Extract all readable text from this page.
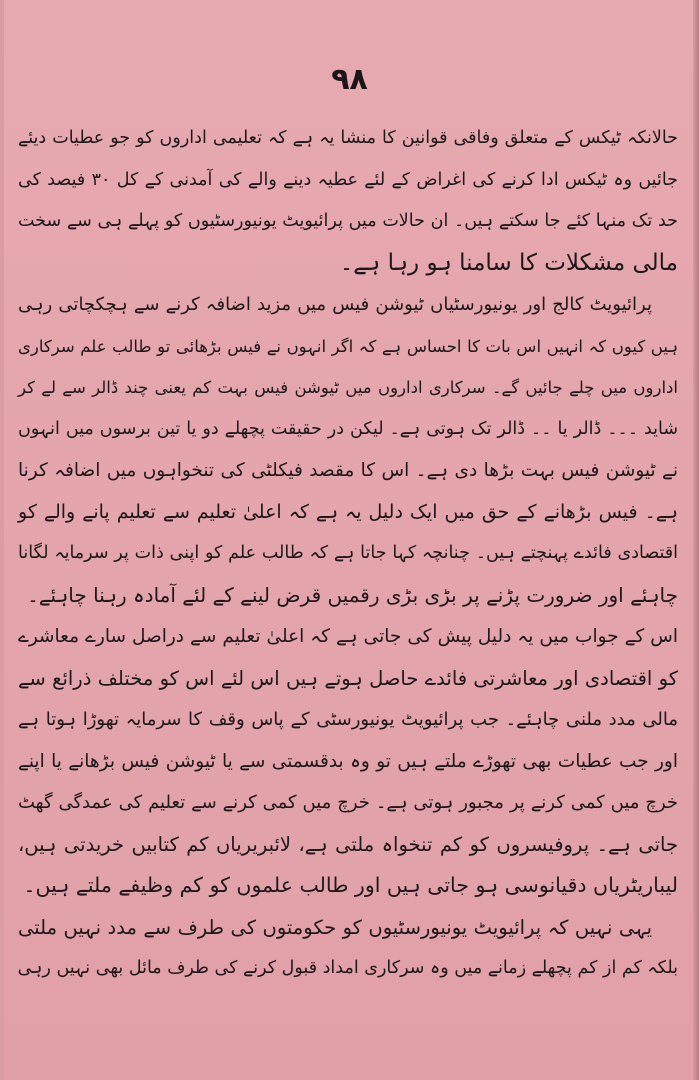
٩٨
حالانکہ ٹیکس کے متعلق وفاقی قوانین کا منشا یہ ہے کہ تعلیمی اداروں کو جو عطیات دیئے
جائیں وہ ٹیکس ادا کرنے کی اغراض کے لئے عطیہ دینے والے کی آمدنی کے کل ۳۰ فیصد کی
حد تک منہا کئے جا سکتے ہیں۔ ان حالات میں پرائیویٹ یونیورسٹیوں کو پہلے ہی سے سخت
مالی مشکلات کا سامنا ہو رہا ہے۔
پرائیویٹ کالج اور یونیورسٹیاں ٹیوشن فیس میں مزید اضافہ کرنے سے ہچکچاتی رہی
ہیں کیوں کہ انہیں اس بات کا احساس ہے کہ اگر انہوں نے فیس بڑھائی تو طالب علم سرکاری
اداروں میں چلے جائیں گے۔ سرکاری اداروں میں ٹیوشن فیس بہت کم یعنی چند ڈالر سے لے کر
شاید ۔۔۔ ڈالر یا ۔۔ ڈالر تک ہوتی ہے۔ لیکن در حقیقت پچھلے دو یا تین برسوں میں انہوں
نے ٹیوشن فیس بہت بڑھا دی ہے۔ اس کا مقصد فیکلٹی کی تنخواہوں میں اضافہ کرنا
ہے۔ فیس بڑھانے کے حق میں ایک دلیل یہ ہے کہ اعلیٰ تعلیم سے تعلیم پانے والے کو
اقتصادی فائدے پہنچتے ہیں۔ چنانچہ کہا جاتا ہے کہ طالب علم کو اپنی ذات پر سرمایہ لگانا
چاہئے اور ضرورت پڑنے پر بڑی بڑی رقمیں قرض لینے کے لئے آمادہ رہنا چاہئے۔
اس کے جواب میں یہ دلیل پیش کی جاتی ہے کہ اعلیٰ تعلیم سے دراصل سارے معاشرے
کو اقتصادی اور معاشرتی فائدے حاصل ہوتے ہیں اس لئے اس کو مختلف ذرائع سے
مالی مدد ملنی چاہئے۔ جب پرائیویٹ یونیورسٹی کے پاس وقف کا سرمایہ تھوڑا ہوتا ہے
اور جب عطیات بھی تھوڑے ملتے ہیں تو وہ بدقسمتی سے یا ٹیوشن فیس بڑھانے یا اپنے
خرچ میں کمی کرنے پر مجبور ہوتی ہے۔ خرچ میں کمی کرنے سے تعلیم کی عمدگی گھٹ
جاتی ہے۔ پروفیسروں کو کم تنخواہ ملتی ہے، لائبریریاں کم کتابیں خریدتی ہیں،
لیباریٹریاں دقیانوسی ہو جاتی ہیں اور طالب علموں کو کم وظیفے ملتے ہیں۔
یہی نہیں کہ پرائیویٹ یونیورسٹیوں کو حکومتوں کی طرف سے مدد نہیں ملتی
بلکہ کم از کم پچھلے زمانے میں وہ سرکاری امداد قبول کرنے کی طرف مائل بھی نہیں رہی
